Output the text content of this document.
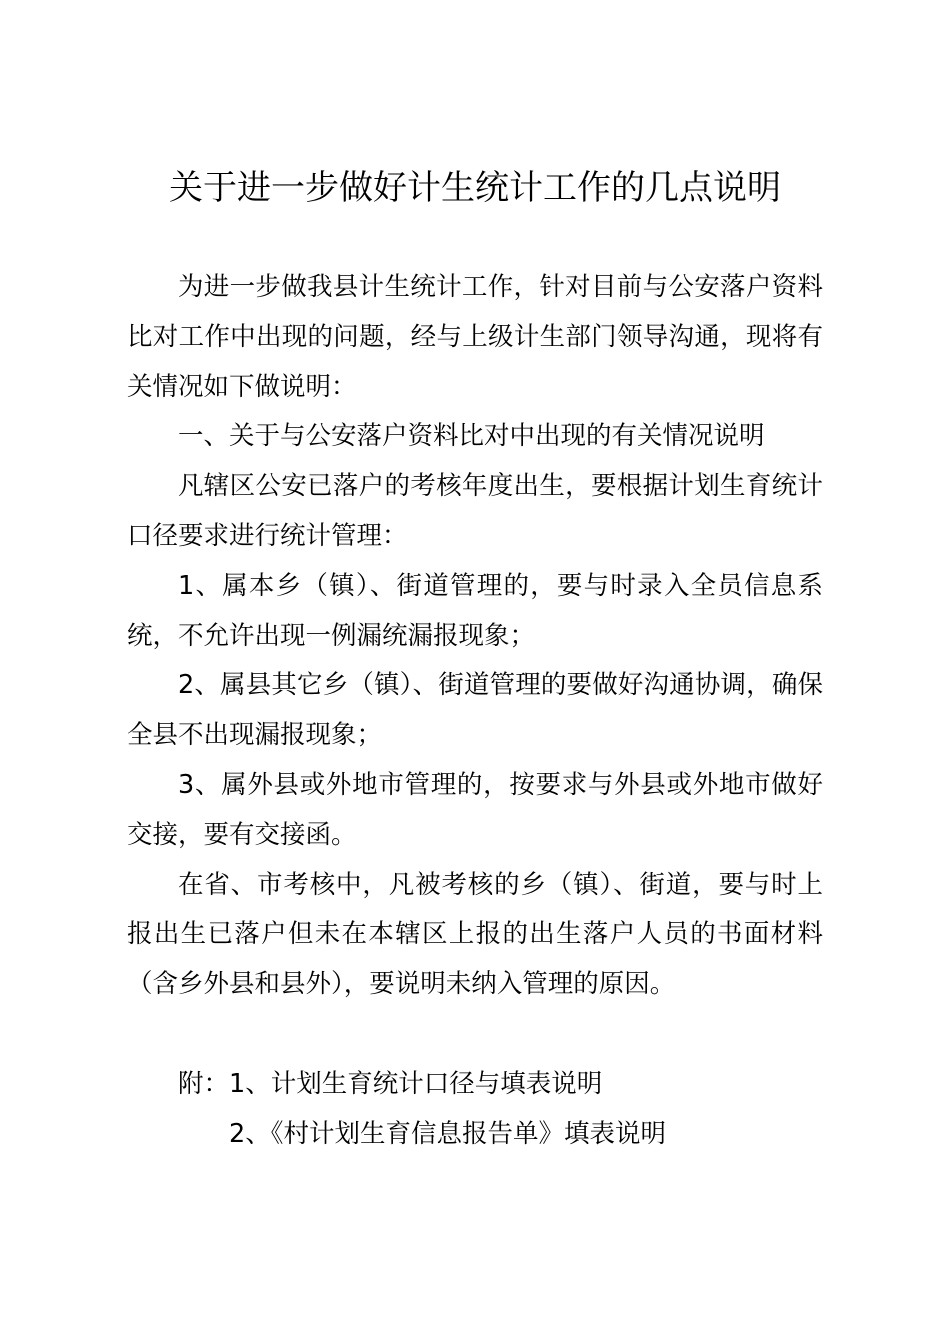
关于进一步做好计生统计工作的几点说明

为进一步做我县计生统计工作，针对目前与公安落户资料比对工作中出现的问题，经与上级计生部门领导沟通，现将有关情况如下做说明：

一、关于与公安落户资料比对中出现的有关情况说明

凡辖区公安已落户的考核年度出生，要根据计划生育统计口径要求进行统计管理：

1、属本乡（镇）、街道管理的，要与时录入全员信息系统，不允许出现一例漏统漏报现象；

2、属县其它乡（镇）、街道管理的要做好沟通协调，确保全县不出现漏报现象；

3、属外县或外地市管理的，按要求与外县或外地市做好交接，要有交接函。

在省、市考核中，凡被考核的乡（镇）、街道，要与时上报出生已落户但未在本辖区上报的出生落户人员的书面材料（含乡外县和县外），要说明未纳入管理的原因。

附：1、计划生育统计口径与填表说明

2、《村计划生育信息报告单》填表说明
